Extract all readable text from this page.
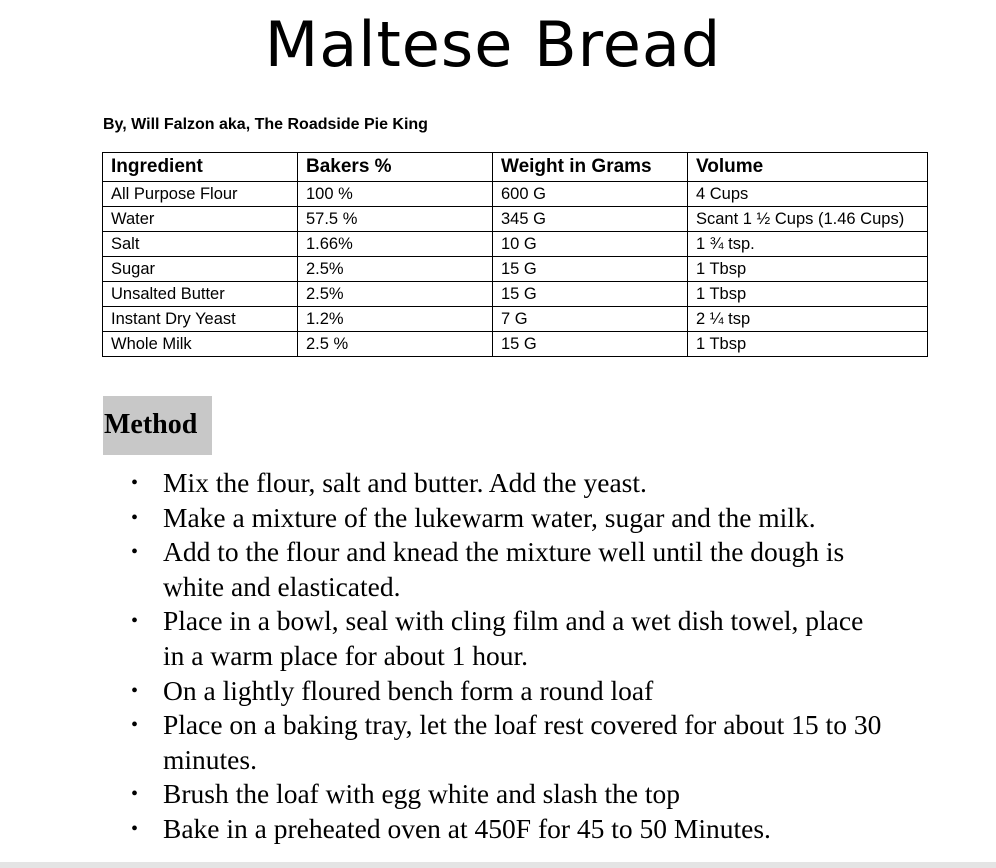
Maltese Bread
By, Will Falzon aka, The Roadside Pie King
Ingredient	Bakers %	Weight in Grams	Volume
All Purpose Flour	100 %	600 G	4 Cups
Water	57.5 %	345 G	Scant 1 ½ Cups (1.46 Cups)
Salt	1.66%	10 G	1 ¾ tsp.
Sugar	2.5%	15 G	1 Tbsp
Unsalted Butter	2.5%	15 G	1 Tbsp
Instant Dry Yeast	1.2%	7 G	2 ¼ tsp
Whole Milk	2.5 %	15 G	1 Tbsp
Method
• Mix the flour, salt and butter. Add the yeast.
• Make a mixture of the lukewarm water, sugar and the milk.
• Add to the flour and knead the mixture well until the dough is white and elasticated.
• Place in a bowl, seal with cling film and a wet dish towel, place in a warm place for about 1 hour.
• On a lightly floured bench form a round loaf
• Place on a baking tray, let the loaf rest covered for about 15 to 30 minutes.
• Brush the loaf with egg white and slash the top
• Bake in a preheated oven at 450F for 45 to 50 Minutes.
